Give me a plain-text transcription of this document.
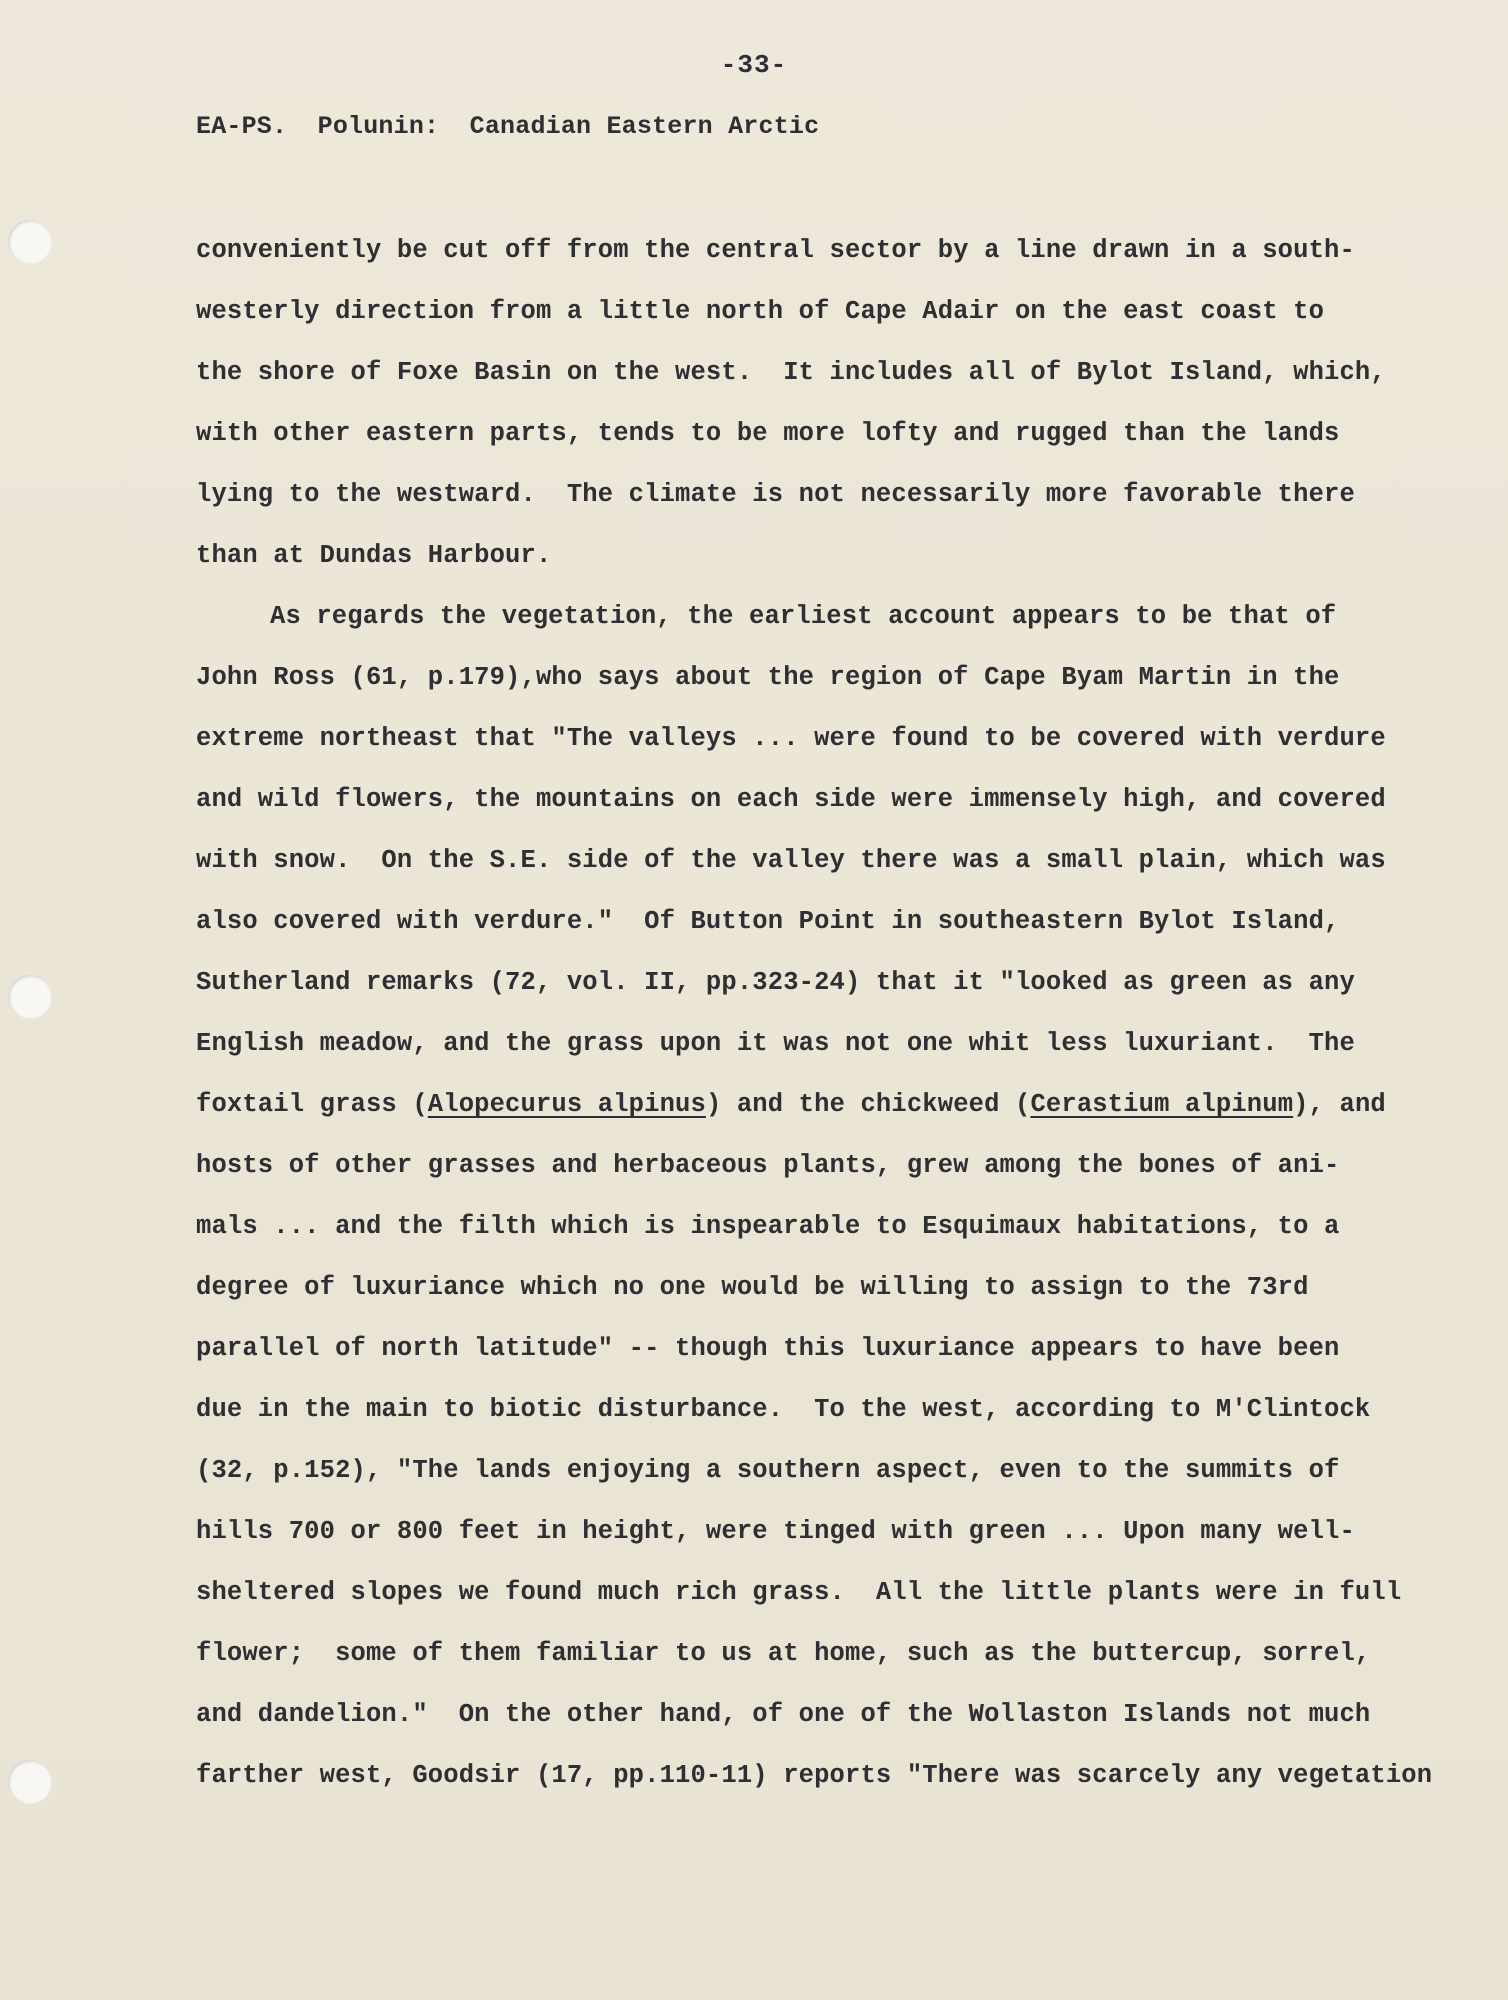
-33-
EA-PS.  Polunin:  Canadian Eastern Arctic
conveniently be cut off from the central sector by a line drawn in a south-
westerly direction from a little north of Cape Adair on the east coast to
the shore of Foxe Basin on the west.  It includes all of Bylot Island, which,
with other eastern parts, tends to be more lofty and rugged than the lands
lying to the westward.  The climate is not necessarily more favorable there
than at Dundas Harbour.
As regards the vegetation, the earliest account appears to be that of
John Ross (61, p.179),who says about the region of Cape Byam Martin in the
extreme northeast that "The valleys ... were found to be covered with verdure
and wild flowers, the mountains on each side were immensely high, and covered
with snow.  On the S.E. side of the valley there was a small plain, which was
also covered with verdure."  Of Button Point in southeastern Bylot Island,
Sutherland remarks (72, vol. II, pp.323-24) that it "looked as green as any
English meadow, and the grass upon it was not one whit less luxuriant.  The
foxtail grass (Alopecurus alpinus) and the chickweed (Cerastium alpinum), and
hosts of other grasses and herbaceous plants, grew among the bones of ani-
mals ... and the filth which is inspearable to Esquimaux habitations, to a
degree of luxuriance which no one would be willing to assign to the 73rd
parallel of north latitude" -- though this luxuriance appears to have been
due in the main to biotic disturbance.  To the west, according to M'Clintock
(32, p.152), "The lands enjoying a southern aspect, even to the summits of
hills 700 or 800 feet in height, were tinged with green ... Upon many well-
sheltered slopes we found much rich grass.  All the little plants were in full
flower;  some of them familiar to us at home, such as the buttercup, sorrel,
and dandelion."  On the other hand, of one of the Wollaston Islands not much
farther west, Goodsir (17, pp.110-11) reports "There was scarcely any vegetation
